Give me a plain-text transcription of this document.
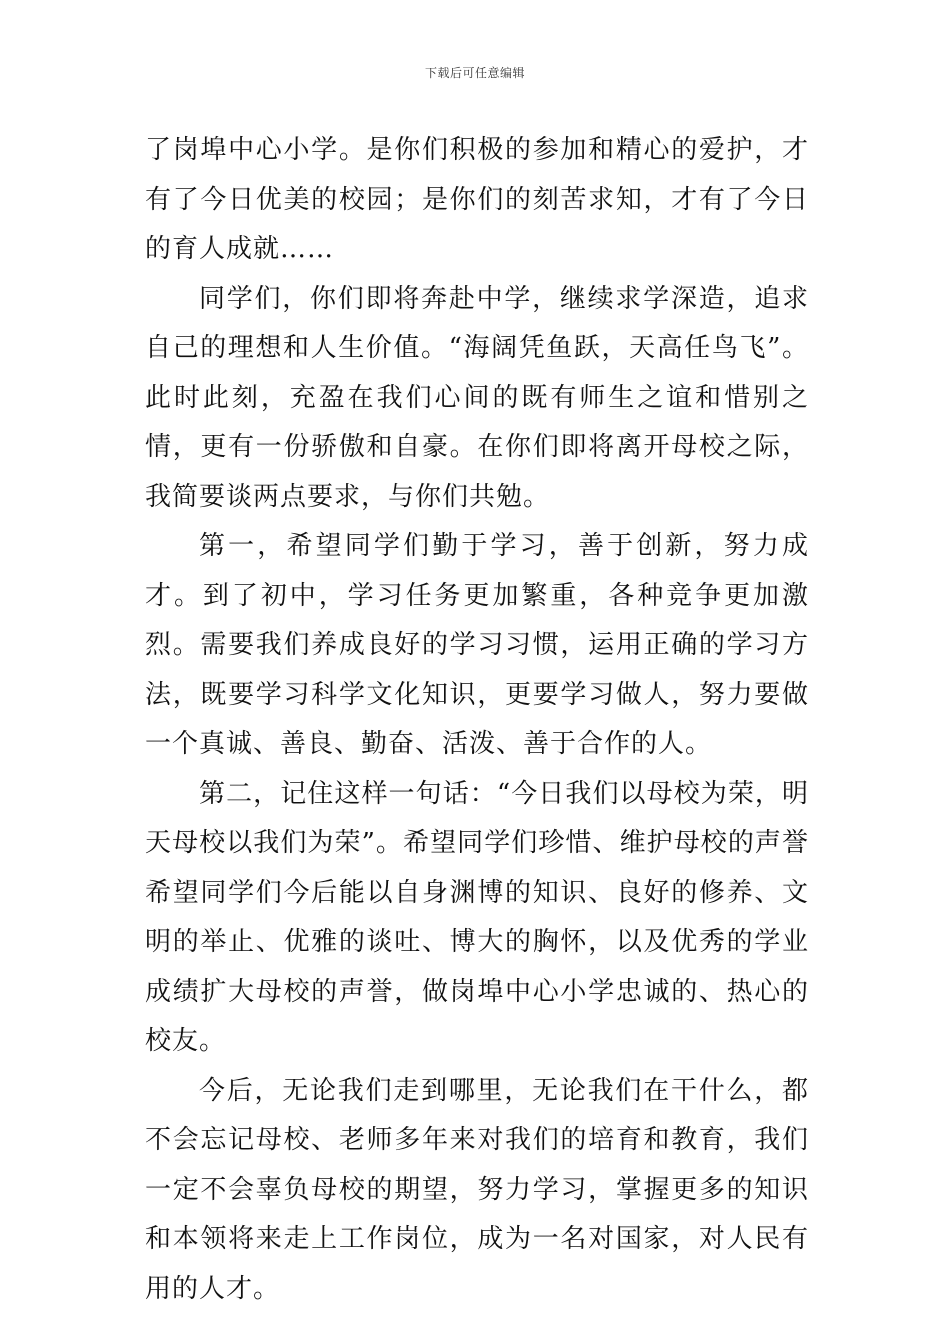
下载后可任意编辑

了岗埠中心小学。是你们积极的参加和精心的爱护，才有了今日优美的校园；是你们的刻苦求知，才有了今日的育人成就……

同学们，你们即将奔赴中学，继续求学深造，追求自己的理想和人生价值。“海阔凭鱼跃，天高任鸟飞”。此时此刻，充盈在我们心间的既有师生之谊和惜别之情，更有一份骄傲和自豪。在你们即将离开母校之际，我简要谈两点要求，与你们共勉。

第一，希望同学们勤于学习，善于创新，努力成才。到了初中，学习任务更加繁重，各种竞争更加激烈。需要我们养成良好的学习习惯，运用正确的学习方法，既要学习科学文化知识，更要学习做人，努力要做一个真诚、善良、勤奋、活泼、善于合作的人。

第二，记住这样一句话：“今日我们以母校为荣，明天母校以我们为荣”。希望同学们珍惜、维护母校的声誉希望同学们今后能以自身渊博的知识、良好的修养、文明的举止、优雅的谈吐、博大的胸怀，以及优秀的学业成绩扩大母校的声誉，做岗埠中心小学忠诚的、热心的校友。

今后，无论我们走到哪里，无论我们在干什么，都不会忘记母校、老师多年来对我们的培育和教育，我们一定不会辜负母校的期望，努力学习，掌握更多的知识和本领将来走上工作岗位，成为一名对国家，对人民有用的人才。
